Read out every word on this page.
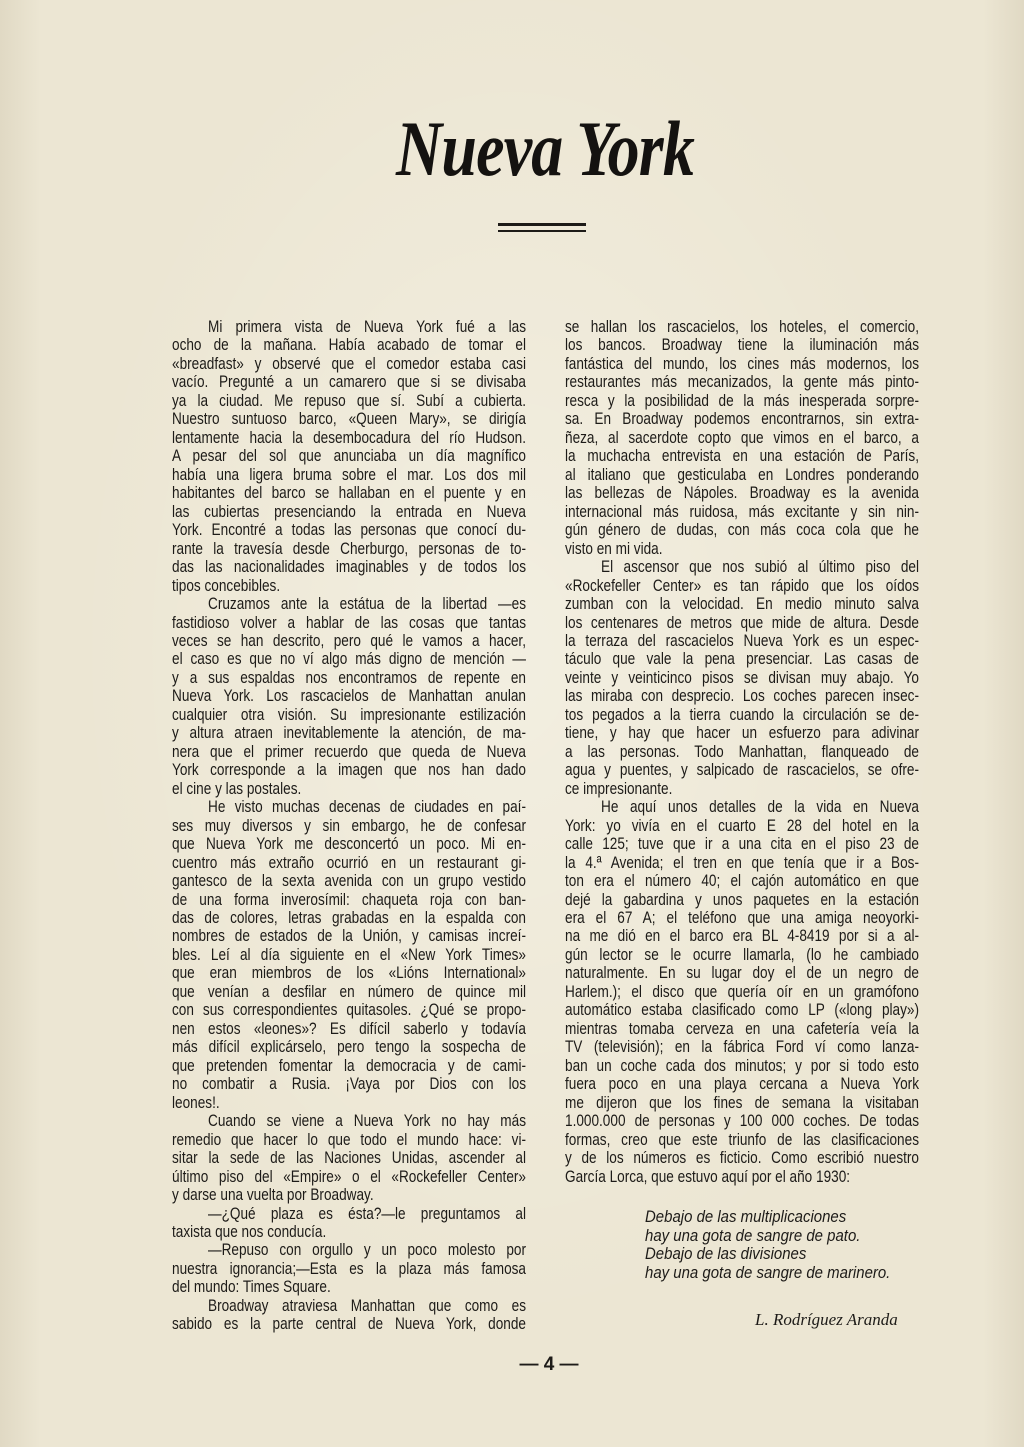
Nueva York
Mi primera vista de Nueva York fué a las
ocho de la mañana. Había acabado de tomar el
«breadfast» y observé que el comedor estaba casi
vacío. Pregunté a un camarero que si se divisaba
ya la ciudad. Me repuso que sí. Subí a cubierta.
Nuestro suntuoso barco, «Queen Mary», se dirigía
lentamente hacia la desembocadura del río Hudson.
A pesar del sol que anunciaba un día magnífico
había una ligera bruma sobre el mar. Los dos mil
habitantes del barco se hallaban en el puente y en
las cubiertas presenciando la entrada en Nueva
York. Encontré a todas las personas que conocí du-
rante la travesía desde Cherburgo, personas de to-
das las nacionalidades imaginables y de todos los
tipos concebibles.
Cruzamos ante la estátua de la libertad —es
fastidioso volver a hablar de las cosas que tantas
veces se han descrito, pero qué le vamos a hacer,
el caso es que no ví algo más digno de mención —
y a sus espaldas nos encontramos de repente en
Nueva York. Los rascacielos de Manhattan anulan
cualquier otra visión. Su impresionante estilización
y altura atraen inevitablemente la atención, de ma-
nera que el primer recuerdo que queda de Nueva
York corresponde a la imagen que nos han dado
el cine y las postales.
He visto muchas decenas de ciudades en paí-
ses muy diversos y sin embargo, he de confesar
que Nueva York me desconcertó un poco. Mi en-
cuentro más extraño ocurrió en un restaurant gi-
gantesco de la sexta avenida con un grupo vestido
de una forma inverosímil: chaqueta roja con ban-
das de colores, letras grabadas en la espalda con
nombres de estados de la Unión, y camisas increí-
bles. Leí al día siguiente en el «New York Times»
que eran miembros de los «Lións International»
que venían a desfilar en número de quince mil
con sus correspondientes quitasoles. ¿Qué se propo-
nen estos «leones»? Es difícil saberlo y todavía
más difícil explicárselo, pero tengo la sospecha de
que pretenden fomentar la democracia y de cami-
no combatir a Rusia. ¡Vaya por Dios con los
leones!.
Cuando se viene a Nueva York no hay más
remedio que hacer lo que todo el mundo hace: vi-
sitar la sede de las Naciones Unidas, ascender al
último piso del «Empire» o el «Rockefeller Center»
y darse una vuelta por Broadway.
—¿Qué plaza es ésta?—le preguntamos al
taxista que nos conducía.
—Repuso con orgullo y un poco molesto por
nuestra ignorancia;—Esta es la plaza más famosa
del mundo: Times Square.
Broadway atraviesa Manhattan que como es
sabido es la parte central de Nueva York, donde
se hallan los rascacielos, los hoteles, el comercio,
los bancos. Broadway tiene la iluminación más
fantástica del mundo, los cines más modernos, los
restaurantes más mecanizados, la gente más pinto-
resca y la posibilidad de la más inesperada sorpre-
sa. En Broadway podemos encontrarnos, sin extra-
ñeza, al sacerdote copto que vimos en el barco, a
la muchacha entrevista en una estación de París,
al italiano que gesticulaba en Londres ponderando
las bellezas de Nápoles. Broadway es la avenida
internacional más ruidosa, más excitante y sin nin-
gún género de dudas, con más coca cola que he
visto en mi vida.
El ascensor que nos subió al último piso del
«Rockefeller Center» es tan rápido que los oídos
zumban con la velocidad. En medio minuto salva
los centenares de metros que mide de altura. Desde
la terraza del rascacielos Nueva York es un espec-
táculo que vale la pena presenciar. Las casas de
veinte y veinticinco pisos se divisan muy abajo. Yo
las miraba con desprecio. Los coches parecen insec-
tos pegados a la tierra cuando la circulación se de-
tiene, y hay que hacer un esfuerzo para adivinar
a las personas. Todo Manhattan, flanqueado de
agua y puentes, y salpicado de rascacielos, se ofre-
ce impresionante.
He aquí unos detalles de la vida en Nueva
York: yo vivía en el cuarto E 28 del hotel en la
calle 125; tuve que ir a una cita en el piso 23 de
la 4.ª Avenida; el tren en que tenía que ir a Bos-
ton era el número 40; el cajón automático en que
dejé la gabardina y unos paquetes en la estación
era el 67 A; el teléfono que una amiga neoyorki-
na me dió en el barco era BL 4-8419 por si a al-
gún lector se le ocurre llamarla, (lo he cambiado
naturalmente. En su lugar doy el de un negro de
Harlem.); el disco que quería oír en un gramófono
automático estaba clasificado como LP («long play»)
mientras tomaba cerveza en una cafetería veía la
TV (televisión); en la fábrica Ford ví como lanza-
ban un coche cada dos minutos; y por si todo esto
fuera poco en una playa cercana a Nueva York
me dijeron que los fines de semana la visitaban
1.000.000 de personas y 100 000 coches. De todas
formas, creo que este triunfo de las clasificaciones
y de los números es ficticio. Como escribió nuestro
García Lorca, que estuvo aquí por el año 1930:
Debajo de las multiplicaciones
hay una gota de sangre de pato.
Debajo de las divisiones
hay una gota de sangre de marinero.
L. Rodríguez Aranda
— 4 —
